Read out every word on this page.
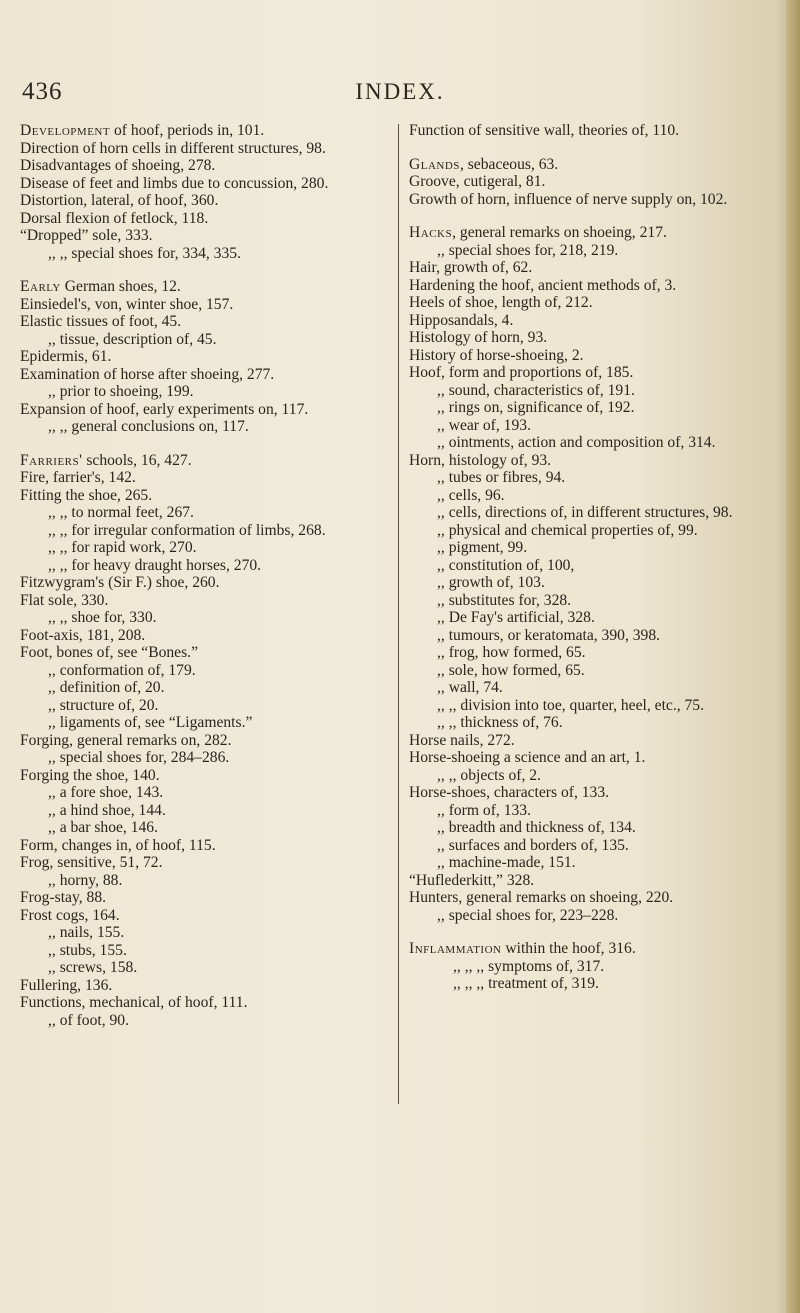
436	INDEX.

Development of hoof, periods in, 101.

Direction of horn cells in different structures, 98.

Disadvantages of shoeing, 278.

Disease of feet and limbs due to concussion, 280.

Distortion, lateral, of hoof, 360.

Dorsal flexion of fetlock, 118.

“Dropped” sole, 333.

,, ,, special shoes for, 334, 335.

Early German shoes, 12.

Einsiedel's, von, winter shoe, 157.

Elastic tissues of foot, 45.

,, tissue, description of, 45.

Epidermis, 61.

Examination of horse after shoeing, 277.

,, prior to shoeing, 199.

Expansion of hoof, early experiments on, 117.

,, ,, general conclusions on, 117.

Farriers' schools, 16, 427.

Fire, farrier's, 142.

Fitting the shoe, 265.

,, ,, to normal feet, 267.

,, ,, for irregular conformation of limbs, 268.

,, ,, for rapid work, 270.

,, ,, for heavy draught horses, 270.

Fitzwygram's (Sir F.) shoe, 260.

Flat sole, 330.

,, ,, shoe for, 330.

Foot-axis, 181, 208.

Foot, bones of, see “Bones.”

,, conformation of, 179.

,, definition of, 20.

,, structure of, 20.

,, ligaments of, see “Ligaments.”

Forging, general remarks on, 282.

,, special shoes for, 284–286.

Forging the shoe, 140.

,, a fore shoe, 143.

,, a hind shoe, 144.

,, a bar shoe, 146.

Form, changes in, of hoof, 115.

Frog, sensitive, 51, 72.

,, horny, 88.

Frog-stay, 88.

Frost cogs, 164.

,, nails, 155.

,, stubs, 155.

,, screws, 158.

Fullering, 136.

Functions, mechanical, of hoof, 111.

,, of foot, 90.

Function of sensitive wall, theories of, 110.

Glands, sebaceous, 63.

Groove, cutigeral, 81.

Growth of horn, influence of nerve supply on, 102.

Hacks, general remarks on shoeing, 217.

,, special shoes for, 218, 219.

Hair, growth of, 62.

Hardening the hoof, ancient methods of, 3.

Heels of shoe, length of, 212.

Hipposandals, 4.

Histology of horn, 93.

History of horse-shoeing, 2.

Hoof, form and proportions of, 185.

,, sound, characteristics of, 191.

,, rings on, significance of, 192.

,, wear of, 193.

,, ointments, action and composition of, 314.

Horn, histology of, 93.

,, tubes or fibres, 94.

,, cells, 96.

,, cells, directions of, in different structures, 98.

,, physical and chemical properties of, 99.

,, pigment, 99.

,, constitution of, 100,

,, growth of, 103.

,, substitutes for, 328.

,, De Fay's artificial, 328.

,, tumours, or keratomata, 390, 398.

,, frog, how formed, 65.

,, sole, how formed, 65.

,, wall, 74.

,, ,, division into toe, quarter, heel, etc., 75.

,, ,, thickness of, 76.

Horse nails, 272.

Horse-shoeing a science and an art, 1.

,, ,, objects of, 2.

Horse-shoes, characters of, 133.

,, form of, 133.

,, breadth and thickness of, 134.

,, surfaces and borders of, 135.

,, machine-made, 151.

“Huflederkitt,” 328.

Hunters, general remarks on shoeing, 220.

,, special shoes for, 223–228.

Inflammation within the hoof, 316.

,, ,, ,, symptoms of, 317.

,, ,, ,, treatment of, 319.
